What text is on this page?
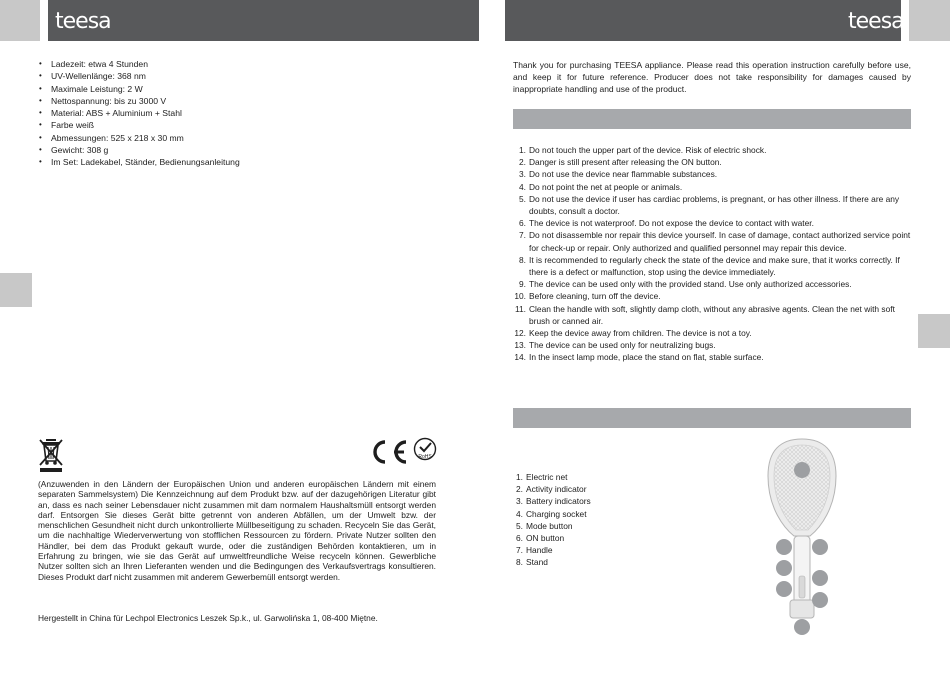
teesa	teesa
• Ladezeit: etwa 4 Stunden
• UV-Wellenlänge: 368 nm
• Maximale Leistung: 2 W
• Nettospannung: bis zu 3000 V
• Material: ABS + Aluminium + Stahl
• Farbe weiß
• Abmessungen: 525 x 218 x 30 mm
• Gewicht: 308 g
• Im Set: Ladekabel, Ständer, Bedienungsanleitung
RoHS

(Anzuwenden in den Ländern der Europäischen Union und anderen europäischen Ländern mit einem separaten Sammelsystem) Die Kennzeichnung auf dem Produkt bzw. auf der dazugehörigen Literatur gibt an, dass es nach seiner Lebensdauer nicht zusammen mit dam normalem Haushaltsmüll entsorgt werden darf. Entsorgen Sie dieses Gerät bitte getrennt von anderen Abfällen, um der Umwelt bzw. der menschlichen Gesundheit nicht durch unkontrollierte Müllbeseitigung zu schaden. Recyceln Sie das Gerät, um die nachhaltige Wiederverwertung von stofflichen Ressourcen zu fördern. Private Nutzer sollten den Händler, bei dem das Produkt gekauft wurde, oder die zuständigen Behörden kontaktieren, um in Erfahrung zu bringen, wie sie das Gerät auf umweltfreundliche Weise recyceln können. Gewerbliche Nutzer sollten sich an Ihren Lieferanten wenden und die Bedingungen des Verkaufsvertrags konsultieren. Dieses Produkt darf nicht zusammen mit anderem Gewerbemüll entsorgt werden.

Hergestellt in China für Lechpol Electronics Leszek Sp.k., ul. Garwolińska 1, 08-400 Miętne.

Thank you for purchasing TEESA appliance. Please read this operation instruction carefully before use, and keep it for future reference. Producer does not take responsibility for damages caused by inappropriate handling and use of the product.

1. Do not touch the upper part of the device. Risk of electric shock.
2. Danger is still present after releasing the ON button.
3. Do not use the device near flammable substances.
4. Do not point the net at people or animals.
5. Do not use the device if user has cardiac problems, is pregnant, or has other illness. If there are any doubts, consult a doctor.
6. The device is not waterproof. Do not expose the device to contact with water.
7. Do not disassemble nor repair this device yourself. In case of damage, contact authorized service point for check-up or repair. Only authorized and qualified personnel may repair this device.
8. It is recommended to regularly check the state of the device and make sure, that it works correctly. If there is a defect or malfunction, stop using the device immediately.
9. The device can be used only with the provided stand. Use only authorized accessories.
10. Before cleaning, turn off the device.
11. Clean the handle with soft, slightly damp cloth, without any abrasive agents. Clean the net with soft brush or canned air.
12. Keep the device away from children. The device is not a toy.
13. The device can be used only for neutralizing bugs.
14. In the insect lamp mode, place the stand on flat, stable surface.
1. Electric net
2. Activity indicator
3. Battery indicators
4. Charging socket
5. Mode button
6. ON button
7. Handle
8. Stand
